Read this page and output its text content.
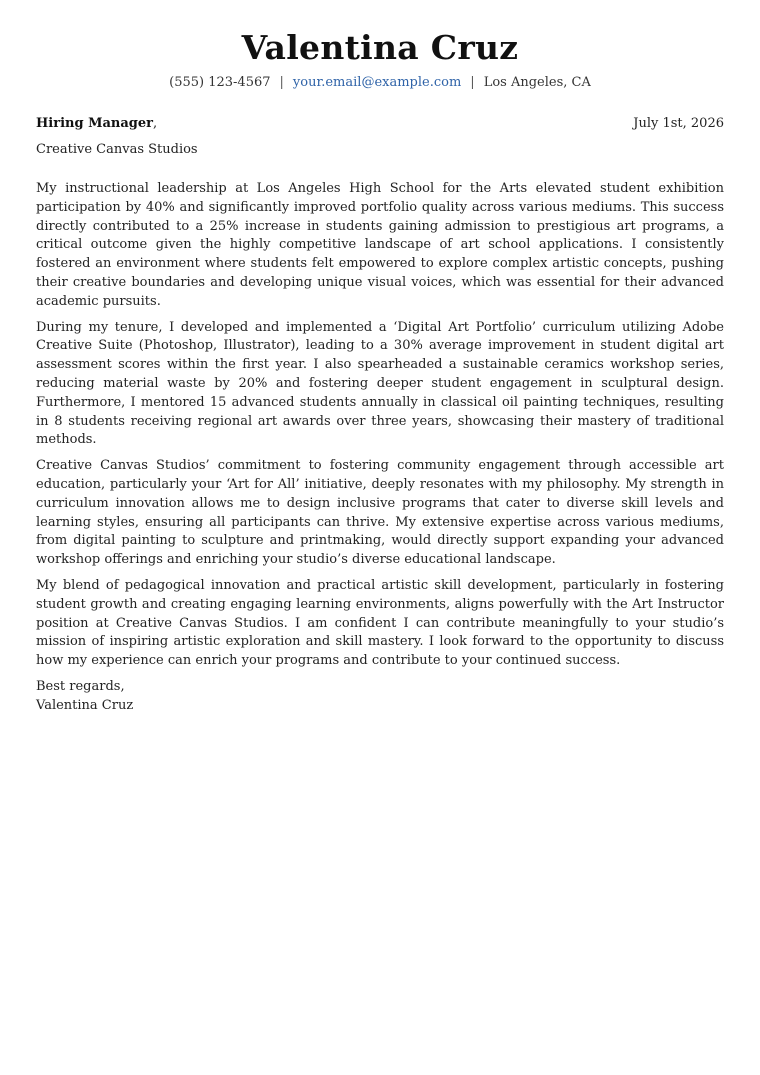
Valentina Cruz
(555) 123-4567 | your.email@example.com | Los Angeles, CA
Hiring Manager,	July 1st, 2026
Creative Canvas Studios

My instructional leadership at Los Angeles High School for the Arts elevated student exhibition participation by 40% and significantly improved portfolio quality across various mediums. This success directly contributed to a 25% increase in students gaining admission to prestigious art programs, a critical outcome given the highly competitive landscape of art school applications. I consistently fostered an environment where students felt empowered to explore complex artistic concepts, pushing their creative boundaries and developing unique visual voices, which was essential for their advanced academic pursuits.

During my tenure, I developed and implemented a ‘Digital Art Portfolio’ curriculum utilizing Adobe Creative Suite (Photoshop, Illustrator), leading to a 30% average improvement in student digital art assessment scores within the first year. I also spearheaded a sustainable ceramics workshop series, reducing material waste by 20% and fostering deeper student engagement in sculptural design. Furthermore, I mentored 15 advanced students annually in classical oil painting techniques, resulting in 8 students receiving regional art awards over three years, showcasing their mastery of traditional methods.

Creative Canvas Studios’ commitment to fostering community engagement through accessible art education, particularly your ‘Art for All’ initiative, deeply resonates with my philosophy. My strength in curriculum innovation allows me to design inclusive programs that cater to diverse skill levels and learning styles, ensuring all participants can thrive. My extensive expertise across various mediums, from digital painting to sculpture and printmaking, would directly support expanding your advanced workshop offerings and enriching your studio’s diverse educational landscape.

My blend of pedagogical innovation and practical artistic skill development, particularly in fostering student growth and creating engaging learning environments, aligns powerfully with the Art Instructor position at Creative Canvas Studios. I am confident I can contribute meaningfully to your studio’s mission of inspiring artistic exploration and skill mastery. I look forward to the opportunity to discuss how my experience can enrich your programs and contribute to your continued success.

Best regards,
Valentina Cruz
